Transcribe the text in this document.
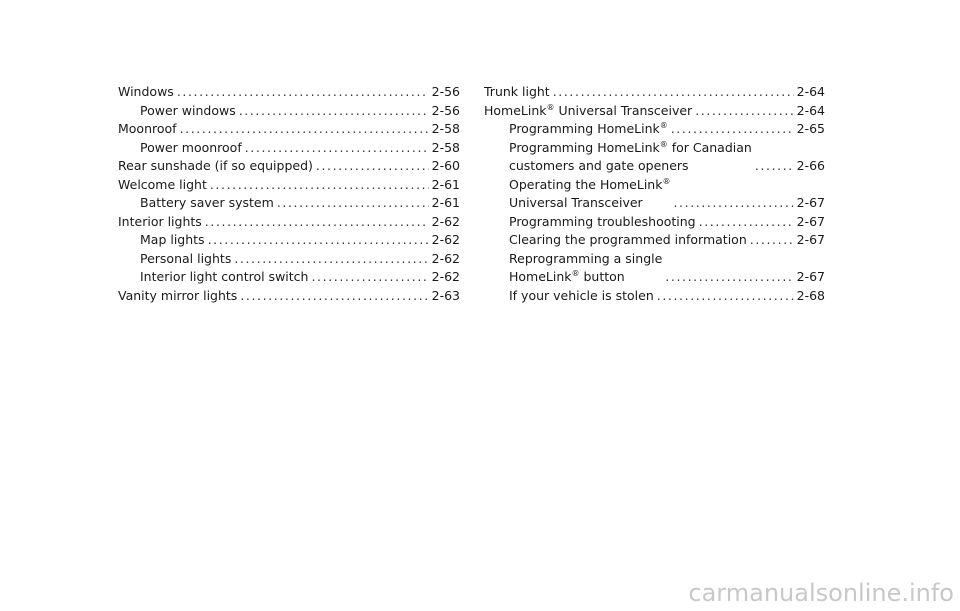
Windows .....	2-56
Power windows .....	2-56
Moonroof .....	2-58
Power moonroof .....	2-58
Rear sunshade (if so equipped) .....	2-60
Welcome light .....	2-61
Battery saver system .....	2-61
Interior lights .....	2-62
Map lights .....	2-62
Personal lights .....	2-62
Interior light control switch .....	2-62
Vanity mirror lights .....	2-63
Trunk light .....	2-64
HomeLink® Universal Transceiver .....	2-64
Programming HomeLink® .....	2-65
Programming HomeLink® for Canadian
customers and gate openers .....	2-66
Operating the HomeLink®
Universal Transceiver .....	2-67
Programming troubleshooting .....	2-67
Clearing the programmed information .....	2-67
Reprogramming a single
HomeLink® button .....	2-67
If your vehicle is stolen .....	2-68
carmanualsonline.info
